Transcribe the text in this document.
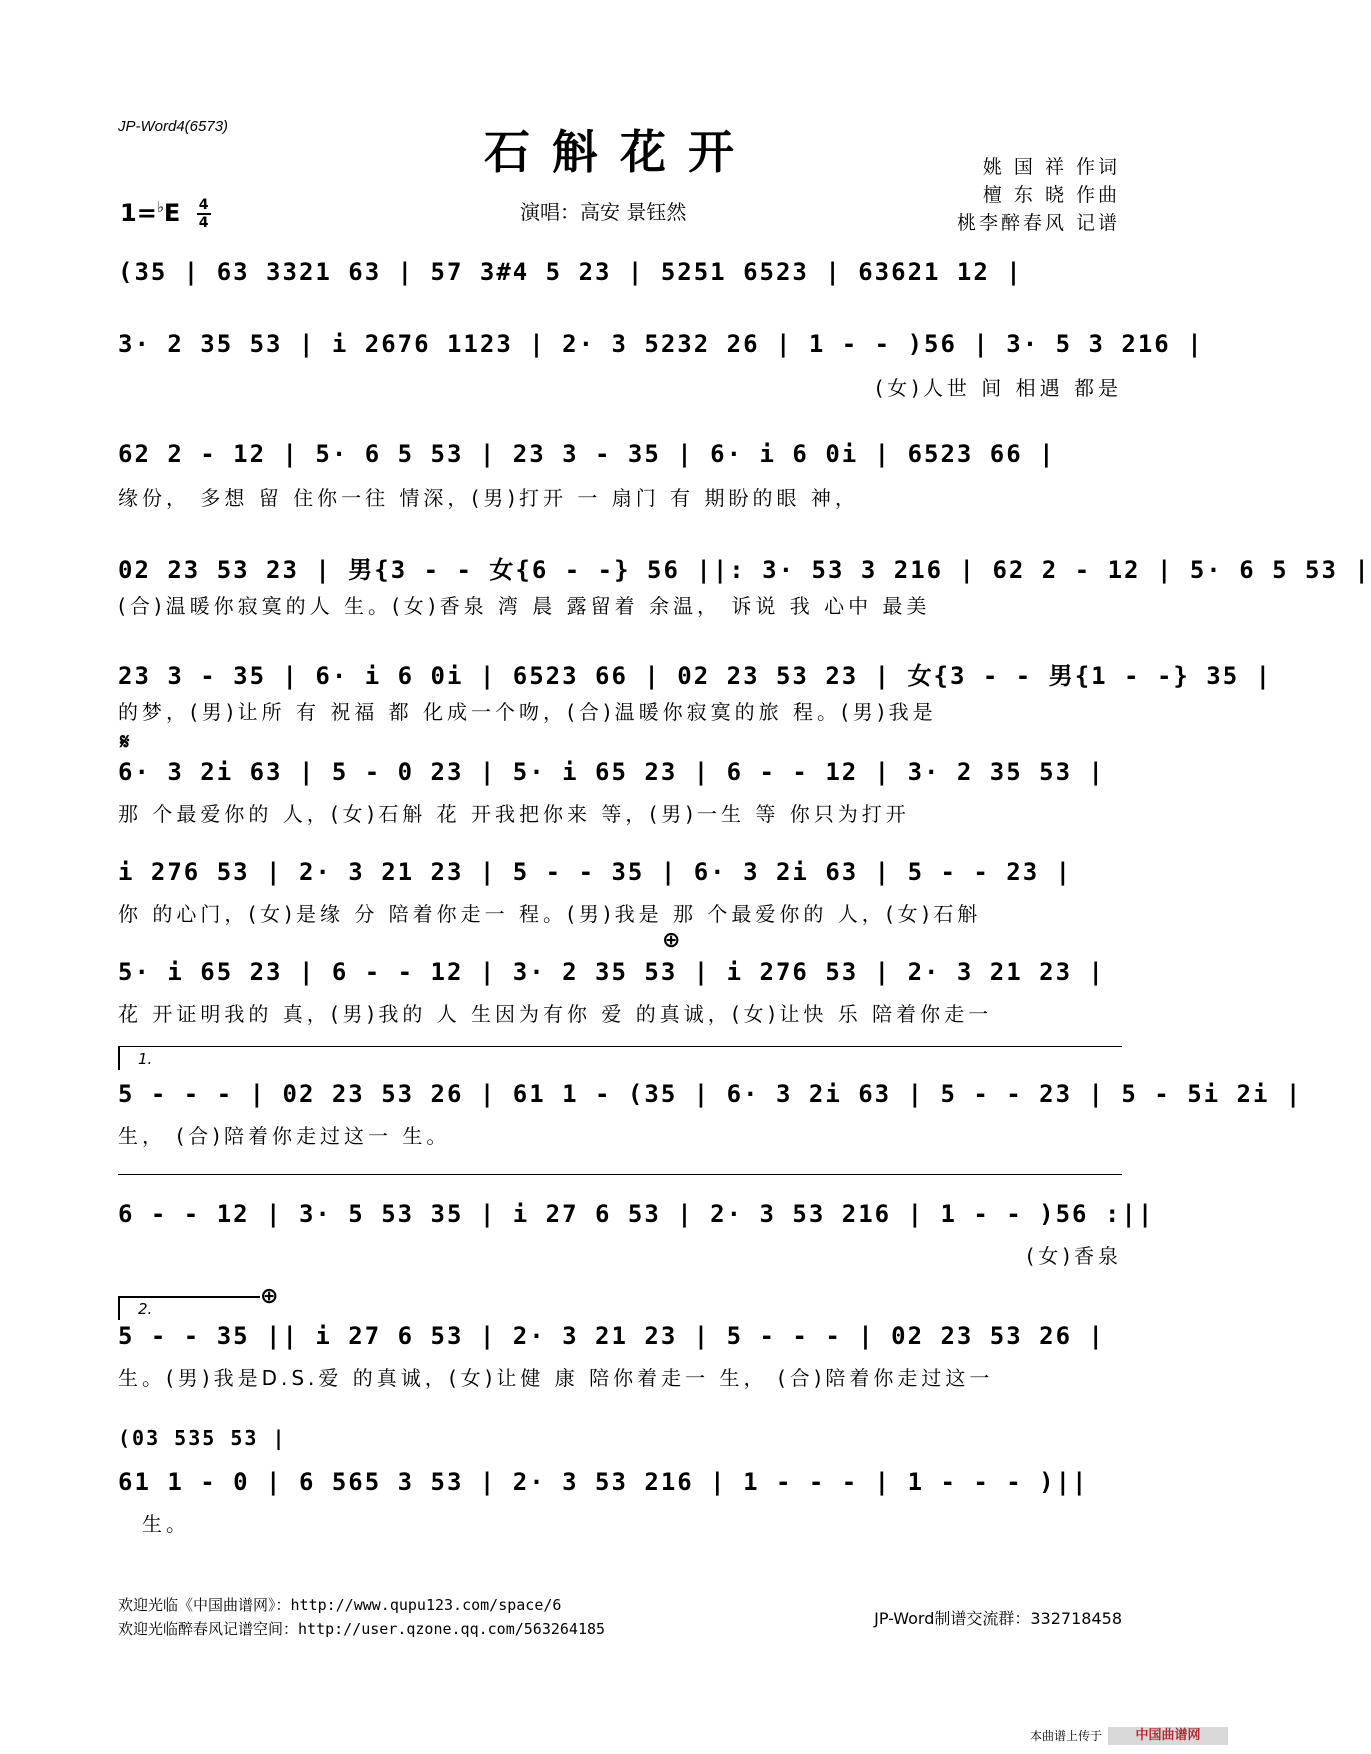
JP-Word4(6573)	石斛花开	姚 国 祥 作词
檀 东 晓 作曲
桃李醉春风 记谱
$1=^♭E \frac{4}{4}$	演唱：高安 景钰然
(35 | 63 3321 63 | 57 3#4 5 23 | 5251 6523 | 63621 12 |
3· 2 35 53 | i 2676 1123 | 2· 3 5232 26 | 1 - - )56 | 3· 5 3 216 |
(女)人世 间 相遇 都是
62 2 - 12 | 5· 6 5 53 | 23 3 - 35 | 6· i 6 0i | 6523 66 |
缘份， 多想 留 住你一往 情深，(男)打开 一 扇门 有 期盼的眼 神，
02 23 53 23 | 男{3 - - 女{6 - -} 56 ||: 3· 53 3 216 | 62 2 - 12 | 5· 6 5 53 |
(合)温暖你寂寞的人 生。(女)香泉 湾 晨 露留着 余温， 诉说 我 心中 最美
23 3 - 35 | 6· i 6 0i | 6523 66 | 02 23 53 23 | 女{3 - - 男{1 - -} 35 |
的梦，(男)让所 有 祝福 都 化成一个吻，(合)温暖你寂寞的旅 程。(男)我是
𝄋
6· 3 2i 63 | 5 - 0 23 | 5· i 65 23 | 6 - - 12 | 3· 2 35 53 |
那 个最爱你的 人，(女)石斛 花 开我把你来 等，(男)一生 等 你只为打开
i 276 53 | 2· 3 21 23 | 5 - - 35 | 6· 3 2i 63 | 5 - - 23 |
你 的心门，(女)是缘 分 陪着你走一 程。(男)我是 那 个最爱你的 人，(女)石斛
⊕
5· i 65 23 | 6 - - 12 | 3· 2 35 53 | i 276 53 | 2· 3 21 23 |
花 开证明我的 真，(男)我的 人 生因为有你 爱 的真诚，(女)让快 乐 陪着你走一
1.
5 - - - | 02 23 53 26 | 61 1 - (35 | 6· 3 2i 63 | 5 - - 23 | 5 - 5i 2i |
生， (合)陪着你走过这一 生。
6 - - 12 | 3· 5 53 35 | i 27 6 53 | 2· 3 53 216 | 1 - - )56 :||
(女)香泉
2.	⊕
5 - - 35 || i 27 6 53 | 2· 3 21 23 | 5 - - - | 02 23 53 26 |
生。(男)我是D.S.爱 的真诚，(女)让健 康 陪你着走一 生， (合)陪着你走过这一
(03 535 53 |
61 1 - 0 | 6 565 3 53 | 2· 3 53 216 | 1 - - - | 1 - - - )||
生。
欢迎光临《中国曲谱网》：http://www.qupu123.com/space/6
欢迎光临醉春风记谱空间：http://user.qzone.qq.com/563264185
JP-Word制谱交流群：332718458
本曲谱上传于	中国曲谱网
